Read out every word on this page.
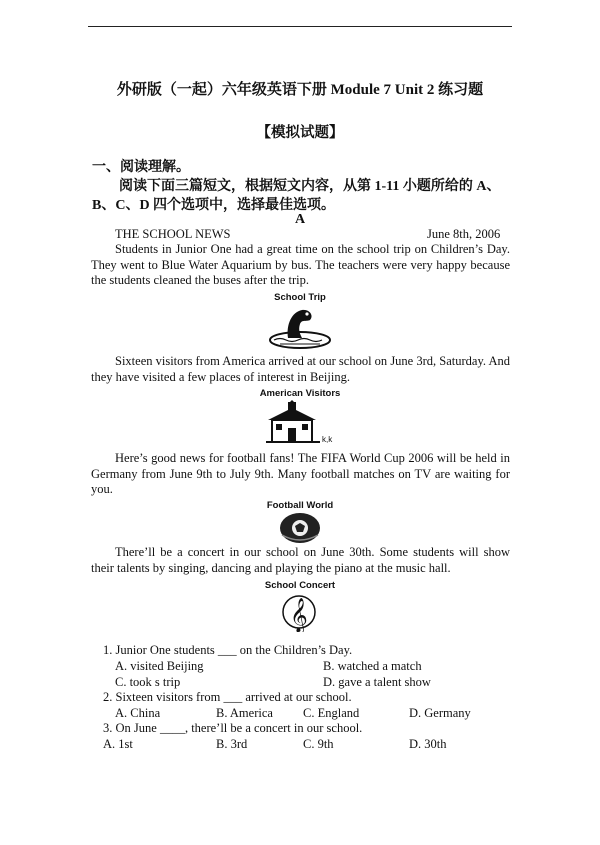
外研版（一起）六年级英语下册 Module 7 Unit 2 练习题
【模拟试题】
一、阅读理解。

阅读下面三篇短文，根据短文内容，从第 1-11 小题所给的 A、B、C、D 四个选项中，选择最佳选项。

A
THE SCHOOL NEWS	June 8th, 2006

Students in Junior One had a great time on the school trip on Children’s Day. They went to Blue Water Aquarium by bus. The teachers were very happy because the students cleaned the buses after the trip.

School Trip

Sixteen visitors from America arrived at our school on June 3rd, Saturday. And they have visited a few places of interest in Beijing.

American Visitors
k,k

Here’s good news for football fans! The FIFA World Cup 2006 will be held in Germany from June 9th to July 9th. Many football matches on TV are waiting for you.

Football World

There’ll be a concert in our school on June 30th. Some students will show their talents by singing, dancing and playing the piano at the music hall.

School Concert
𝄞
1. Junior One students ___ on the Children’s Day.
A. visited Beijing	B. watched a match
C. took s trip	D. gave a talent show
2. Sixteen visitors from ___ arrived at our school.
A. China	B. America C. England	D. Germany
3. On June ____, there’ll be a concert in our school.
A. 1st	B. 3rd	C. 9th	D. 30th
